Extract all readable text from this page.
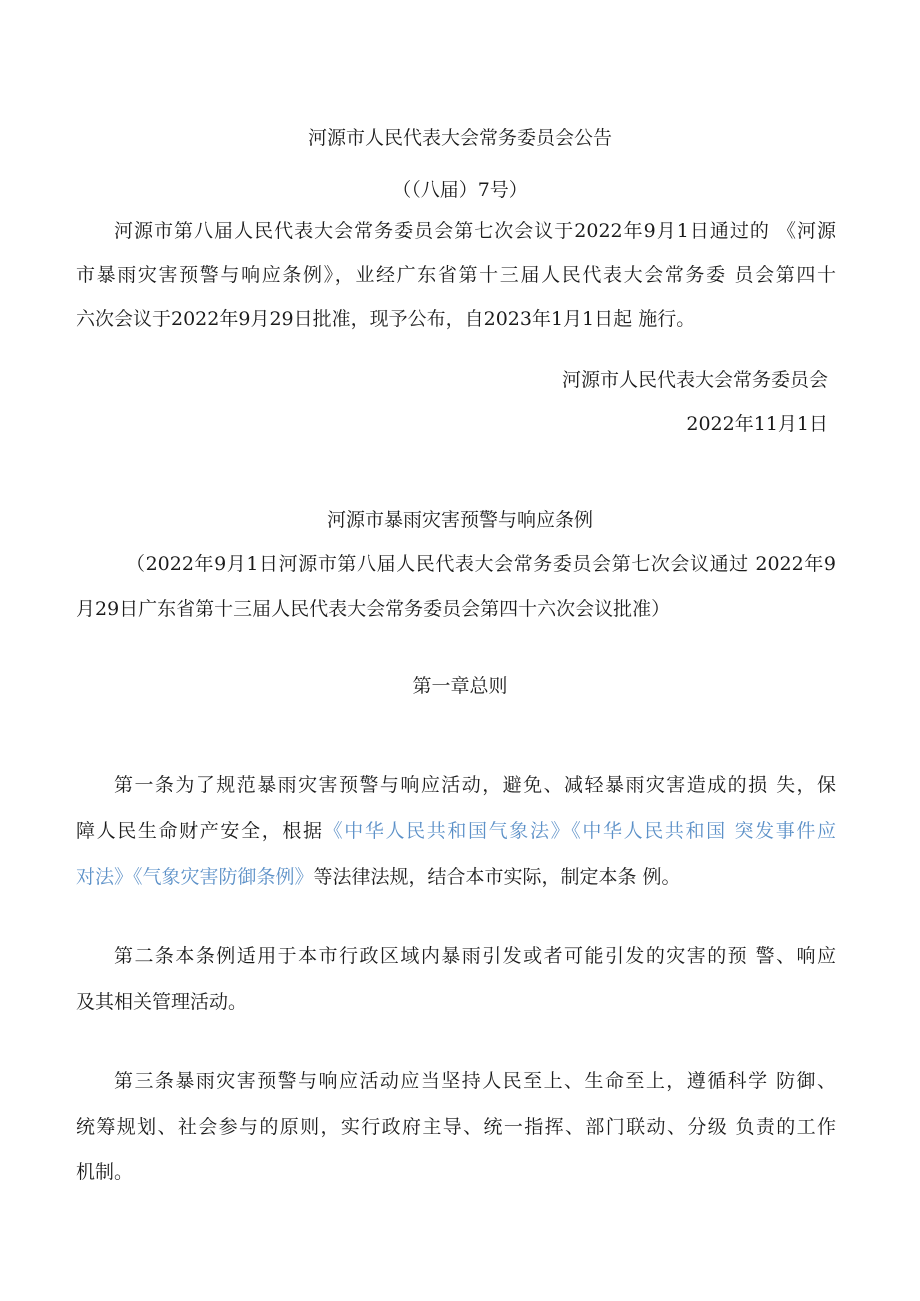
河源市人民代表大会常务委员会公告
（（八届）7号）
河源市第八届人民代表大会常务委员会第七次会议于2022年9月1日通过的 《河源
市暴雨灾害预警与响应条例》，业经广东省第十三届人民代表大会常务委 员会第四十
六次会议于2022年9月29日批准，现予公布，自2023年1月1日起 施行。
河源市人民代表大会常务委员会
2022年11月1日
河源市暴雨灾害预警与响应条例
（2022年9月1日河源市第八届人民代表大会常务委员会第七次会议通过 2022年9
月29日广东省第十三届人民代表大会常务委员会第四十六次会议批准）
第一章总则
第一条为了规范暴雨灾害预警与响应活动，避免、减轻暴雨灾害造成的损 失，保
障人民生命财产安全，根据《中华人民共和国气象法》《中华人民共和国 突发事件应
对法》《气象灾害防御条例》等法律法规，结合本市实际，制定本条 例。
第二条本条例适用于本市行政区域内暴雨引发或者可能引发的灾害的预 警、响应
及其相关管理活动。
第三条暴雨灾害预警与响应活动应当坚持人民至上、生命至上，遵循科学 防御、
统筹规划、社会参与的原则，实行政府主导、统一指挥、部门联动、分级 负责的工作
机制。
